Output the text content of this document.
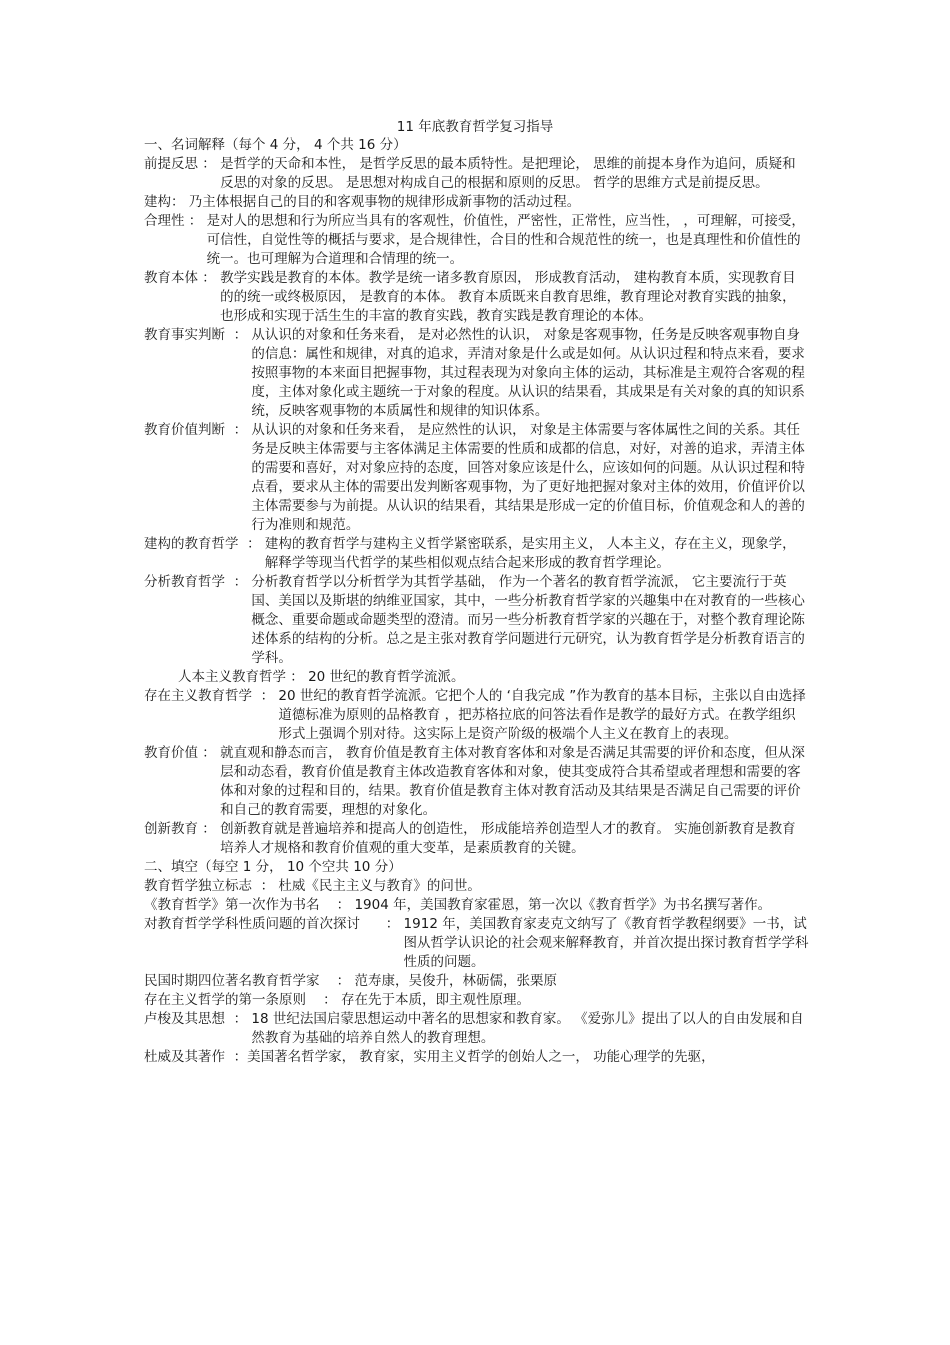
11 年底教育哲学复习指导

一、名词解释（每个 4 分， 4 个共 16 分）

前提反思 ： 是哲学的天命和本性， 是哲学反思的最本质特性。是把理论， 思维的前提本身作为追问，质疑和反思的对象的反思。 是思想对构成自己的根据和原则的反思。 哲学的思维方式是前提反思。
建构 ： 乃主体根据自己的目的和客观事物的规律形成新事物的活动过程。
合理性 ： 是对人的思想和行为所应当具有的客观性，价值性，严密性，正常性，应当性， ，可理解，可接受，可信性，自觉性等的概括与要求，是合规律性，合目的性和合规范性的统一，也是真理性和价值性的统一。也可理解为合道理和合情理的统一。
教育本体 ： 教学实践是教育的本体。教学是统一诸多教育原因， 形成教育活动， 建构教育本质，实现教育目的的统一或终极原因， 是教育的本体。 教育本质既来自教育思维，教育理论对教育实践的抽象，也形成和实现于活生生的丰富的教育实践，教育实践是教育理论的本体。
教育事实判断 ： 从认识的对象和任务来看， 是对必然性的认识， 对象是客观事物，任务是反映客观事物自身的信息：属性和规律，对真的追求，弄清对象是什么或是如何。从认识过程和特点来看，要求按照事物的本来面目把握事物，其过程表现为对象向主体的运动，其标准是主观符合客观的程度，主体对象化或主题统一于对象的程度。从认识的结果看，其成果是有关对象的真的知识系统，反映客观事物的本质属性和规律的知识体系。
教育价值判断 ： 从认识的对象和任务来看， 是应然性的认识， 对象是主体需要与客体属性之间的关系。其任务是反映主体需要与主客体满足主体需要的性质和成都的信息，对好，对善的追求，弄清主体的需要和喜好，对对象应持的态度，回答对象应该是什么，应该如何的问题。从认识过程和特点看，要求从主体的需要出发判断客观事物，为了更好地把握对象对主体的效用，价值评价以主体需要参与为前提。从认识的结果看，其结果是形成一定的价值目标，价值观念和人的善的行为准则和规范。
建构的教育哲学 ： 建构的教育哲学与建构主义哲学紧密联系，是实用主义， 人本主义，存在主义，现象学，解释学等现当代哲学的某些相似观点结合起来形成的教育哲学理论。
分析教育哲学 ： 分析教育哲学以分析哲学为其哲学基础， 作为一个著名的教育哲学流派， 它主要流行于英国、美国以及斯堪的纳维亚国家，其中，一些分析教育哲学家的兴趣集中在对教育的一些核心概念、重要命题或命题类型的澄清。而另一些分析教育哲学家的兴趣在于，对整个教育理论陈述体系的结构的分析。总之是主张对教育学问题进行元研究，认为教育哲学是分析教育语言的学科。

人本主义教育哲学 ： 20 世纪的教育哲学流派。

存在主义教育哲学 ： 20 世纪的教育哲学流派。它把个人的 ‘自我完成 ”作为教育的基本目标，主张以自由选择道德标准为原则的品格教育 ，把苏格拉底的问答法看作是教学的最好方式。在教学组织形式上强调个别对待。这实际上是资产阶级的极端个人主义在教育上的表现。
教育价值 ： 就直观和静态而言， 教育价值是教育主体对教育客体和对象是否满足其需要的评价和态度，但从深层和动态看，教育价值是教育主体改造教育客体和对象，使其变成符合其希望或者理想和需要的客体和对象的过程和目的，结果。教育价值是教育主体对教育活动及其结果是否满足自己需要的评价和自己的教育需要，理想的对象化。
创新教育 ： 创新教育就是普遍培养和提高人的创造性， 形成能培养创造型人才的教育。 实施创新教育是教育培养人才规格和教育价值观的重大变革，是素质教育的关键。

二、填空（每空 1 分， 10 个空共 10 分）

教育哲学独立标志 ： 杜威《民主主义与教育》的问世。
《教育哲学》第一次作为书名 ： 1904 年，美国教育家霍恩，第一次以《教育哲学》为书名撰写著作。
对教育哲学学科性质问题的首次探讨 ： 1912 年，美国教育家麦克文纳写了《教育哲学教程纲要》一书，试图从哲学认识论的社会观来解释教育，并首次提出探讨教育哲学学科性质的问题。
民国时期四位著名教育哲学家 ： 范寿康，吴俊升，林砺儒，张栗原
存在主义哲学的第一条原则 ： 存在先于本质，即主观性原理。
卢梭及其思想 ： 18 世纪法国启蒙思想运动中著名的思想家和教育家。 《爱弥儿》提出了以人的自由发展和自然教育为基础的培养自然人的教育理想。
杜威及其著作 ： 美国著名哲学家， 教育家，实用主义哲学的创始人之一， 功能心理学的先驱，
